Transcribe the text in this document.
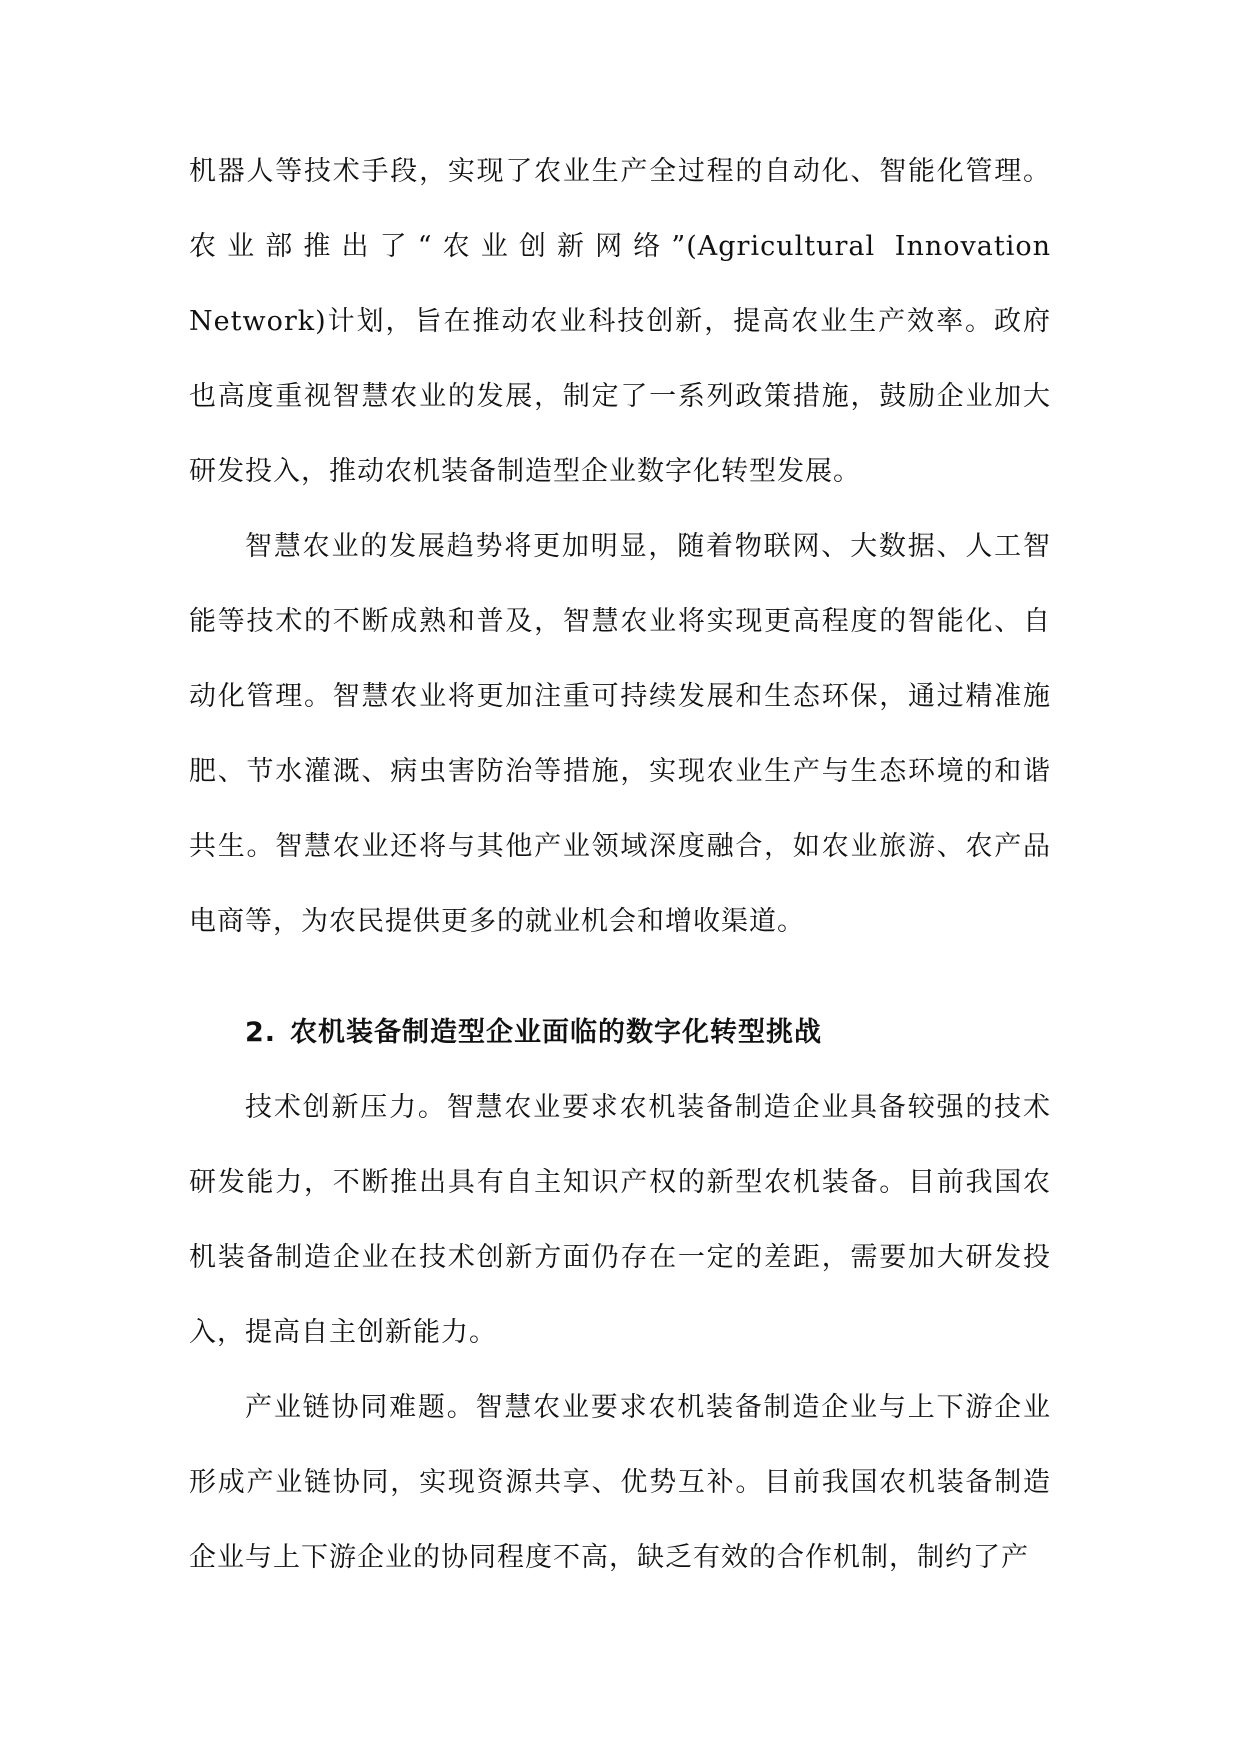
机器人等技术手段，实现了农业生产全过程的自动化、智能化管理。农业部推出了“农业创新网络”(Agricultural Innovation Network)计划，旨在推动农业科技创新，提高农业生产效率。政府也高度重视智慧农业的发展，制定了一系列政策措施，鼓励企业加大研发投入，推动农机装备制造型企业数字化转型发展。

智慧农业的发展趋势将更加明显，随着物联网、大数据、人工智能等技术的不断成熟和普及，智慧农业将实现更高程度的智能化、自动化管理。智慧农业将更加注重可持续发展和生态环保，通过精准施肥、节水灌溉、病虫害防治等措施，实现农业生产与生态环境的和谐共生。智慧农业还将与其他产业领域深度融合，如农业旅游、农产品电商等，为农民提供更多的就业机会和增收渠道。

2. 农机装备制造型企业面临的数字化转型挑战

技术创新压力。智慧农业要求农机装备制造企业具备较强的技术研发能力，不断推出具有自主知识产权的新型农机装备。目前我国农机装备制造企业在技术创新方面仍存在一定的差距，需要加大研发投入，提高自主创新能力。

产业链协同难题。智慧农业要求农机装备制造企业与上下游企业形成产业链协同，实现资源共享、优势互补。目前我国农机装备制造企业与上下游企业的协同程度不高，缺乏有效的合作机制，制约了产
